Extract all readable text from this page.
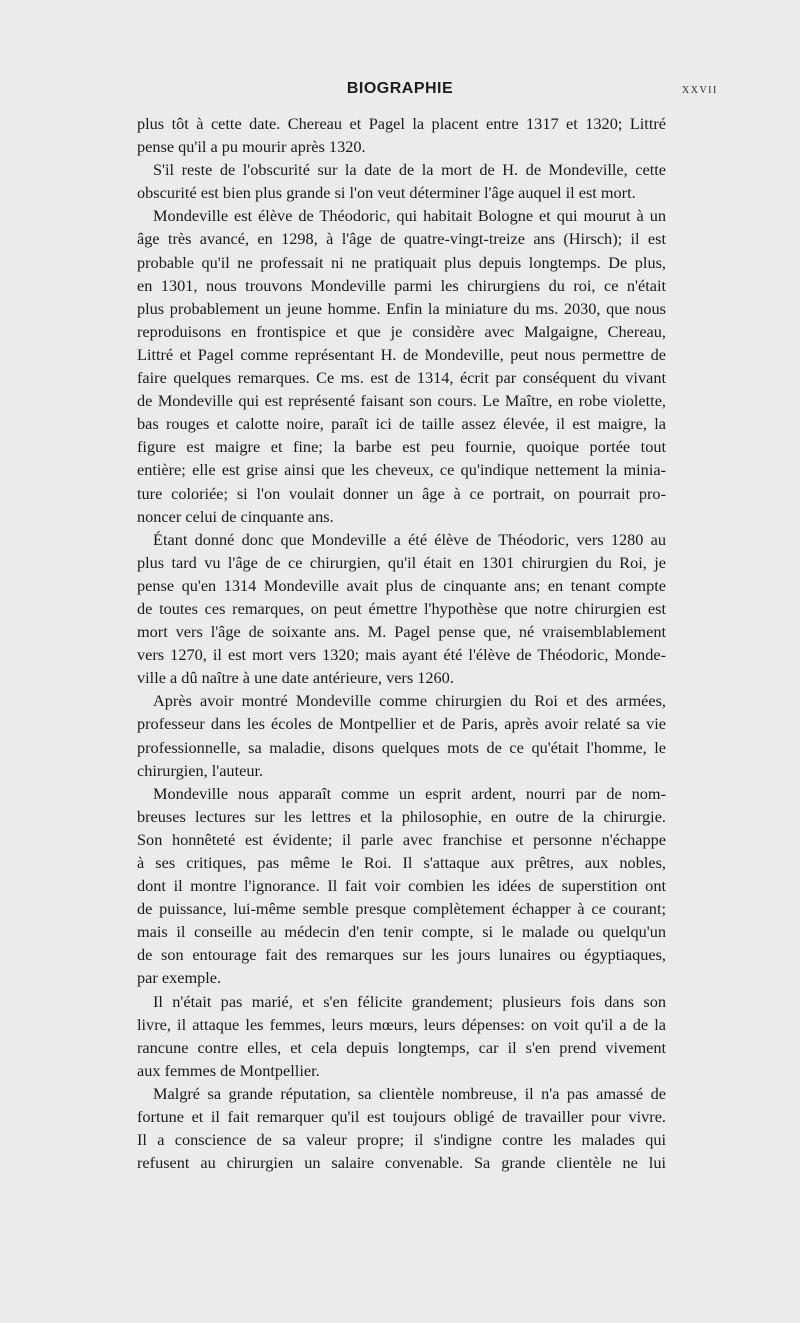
BIOGRAPHIE	XXVII
plus tôt à cette date. Chereau et Pagel la placent entre 1317 et 1320; Littré
pense qu'il a pu mourir après 1320.
S'il reste de l'obscurité sur la date de la mort de H. de Mondeville, cette
obscurité est bien plus grande si l'on veut déterminer l'âge auquel il est mort.
Mondeville est élève de Théodoric, qui habitait Bologne et qui mourut à un
âge très avancé, en 1298, à l'âge de quatre-vingt-treize ans (Hirsch); il est
probable qu'il ne professait ni ne pratiquait plus depuis longtemps. De plus,
en 1301, nous trouvons Mondeville parmi les chirurgiens du roi, ce n'était
plus probablement un jeune homme. Enfin la miniature du ms. 2030, que nous
reproduisons en frontispice et que je considère avec Malgaigne, Chereau,
Littré et Pagel comme représentant H. de Mondeville, peut nous permettre de
faire quelques remarques. Ce ms. est de 1314, écrit par conséquent du vivant
de Mondeville qui est représenté faisant son cours. Le Maître, en robe violette,
bas rouges et calotte noire, paraît ici de taille assez élevée, il est maigre, la
figure est maigre et fine; la barbe est peu fournie, quoique portée tout
entière; elle est grise ainsi que les cheveux, ce qu'indique nettement la minia-
ture coloriée; si l'on voulait donner un âge à ce portrait, on pourrait pro-
noncer celui de cinquante ans.
Étant donné donc que Mondeville a été élève de Théodoric, vers 1280 au
plus tard vu l'âge de ce chirurgien, qu'il était en 1301 chirurgien du Roi, je
pense qu'en 1314 Mondeville avait plus de cinquante ans; en tenant compte
de toutes ces remarques, on peut émettre l'hypothèse que notre chirurgien est
mort vers l'âge de soixante ans. M. Pagel pense que, né vraisemblablement
vers 1270, il est mort vers 1320; mais ayant été l'élève de Théodoric, Monde-
ville a dû naître à une date antérieure, vers 1260.
Après avoir montré Mondeville comme chirurgien du Roi et des armées,
professeur dans les écoles de Montpellier et de Paris, après avoir relaté sa vie
professionnelle, sa maladie, disons quelques mots de ce qu'était l'homme, le
chirurgien, l'auteur.
Mondeville nous apparaît comme un esprit ardent, nourri par de nom-
breuses lectures sur les lettres et la philosophie, en outre de la chirurgie.
Son honnêteté est évidente; il parle avec franchise et personne n'échappe
à ses critiques, pas même le Roi. Il s'attaque aux prêtres, aux nobles,
dont il montre l'ignorance. Il fait voir combien les idées de superstition ont
de puissance, lui-même semble presque complètement échapper à ce courant;
mais il conseille au médecin d'en tenir compte, si le malade ou quelqu'un
de son entourage fait des remarques sur les jours lunaires ou égyptiaques,
par exemple.
Il n'était pas marié, et s'en félicite grandement; plusieurs fois dans son
livre, il attaque les femmes, leurs mœurs, leurs dépenses: on voit qu'il a de la
rancune contre elles, et cela depuis longtemps, car il s'en prend vivement
aux femmes de Montpellier.
Malgré sa grande réputation, sa clientèle nombreuse, il n'a pas amassé de
fortune et il fait remarquer qu'il est toujours obligé de travailler pour vivre.
Il a conscience de sa valeur propre; il s'indigne contre les malades qui
refusent au chirurgien un salaire convenable. Sa grande clientèle ne lui
